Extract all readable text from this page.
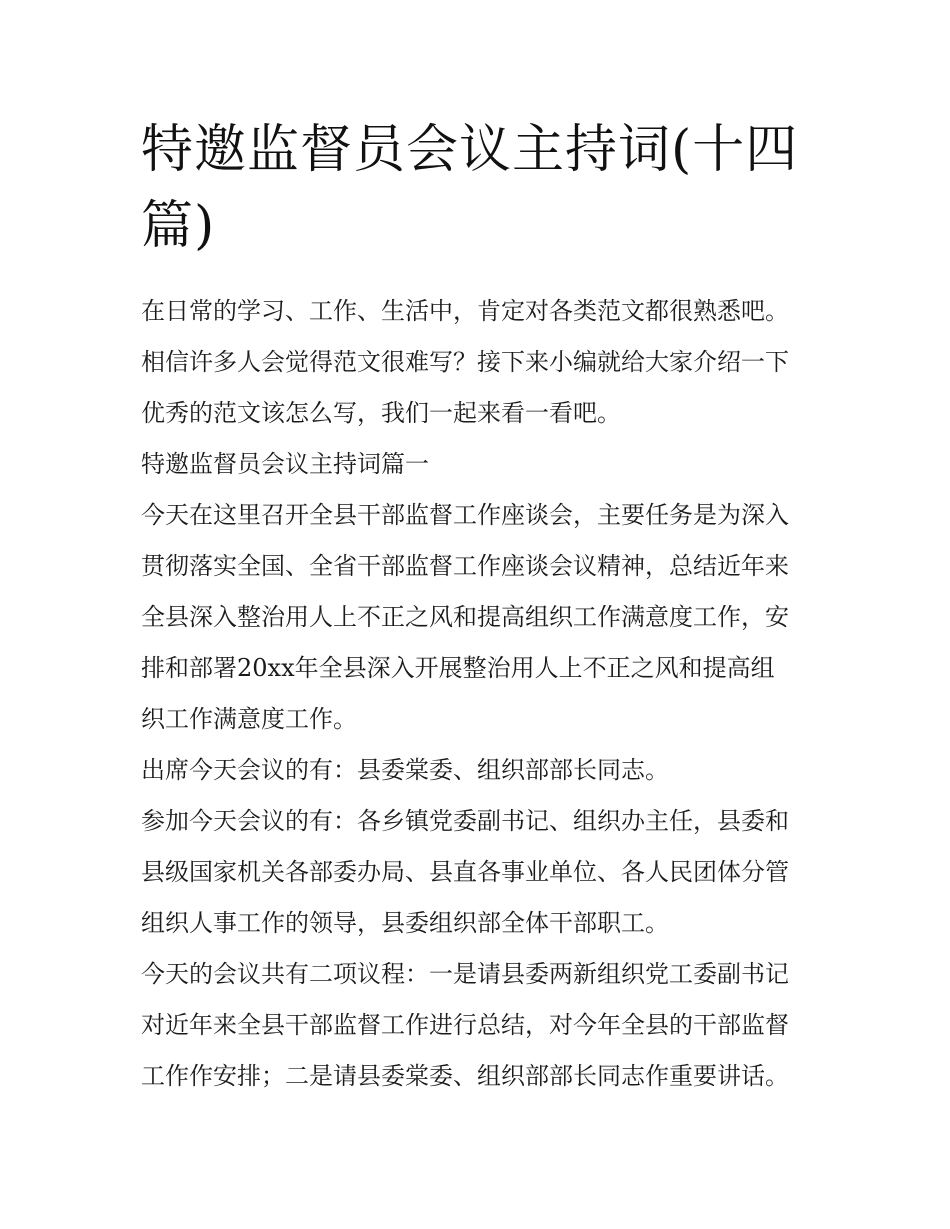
特邀监督员会议主持词(十四
篇)

在日常的学习、工作、生活中，肯定对各类范文都很熟悉吧。
相信许多人会觉得范文很难写？接下来小编就给大家介绍一下
优秀的范文该怎么写，我们一起来看一看吧。

特邀监督员会议主持词篇一

今天在这里召开全县干部监督工作座谈会，主要任务是为深入
贯彻落实全国、全省干部监督工作座谈会议精神，总结近年来
全县深入整治用人上不正之风和提高组织工作满意度工作，安
排和部署20xx年全县深入开展整治用人上不正之风和提高组
织工作满意度工作。

出席今天会议的有：县委棠委、组织部部长同志。

参加今天会议的有：各乡镇党委副书记、组织办主任，县委和
县级国家机关各部委办局、县直各事业单位、各人民团体分管
组织人事工作的领导，县委组织部全体干部职工。

今天的会议共有二项议程：一是请县委两新组织党工委副书记
对近年来全县干部监督工作进行总结，对今年全县的干部监督
工作作安排；二是请县委棠委、组织部部长同志作重要讲话。
